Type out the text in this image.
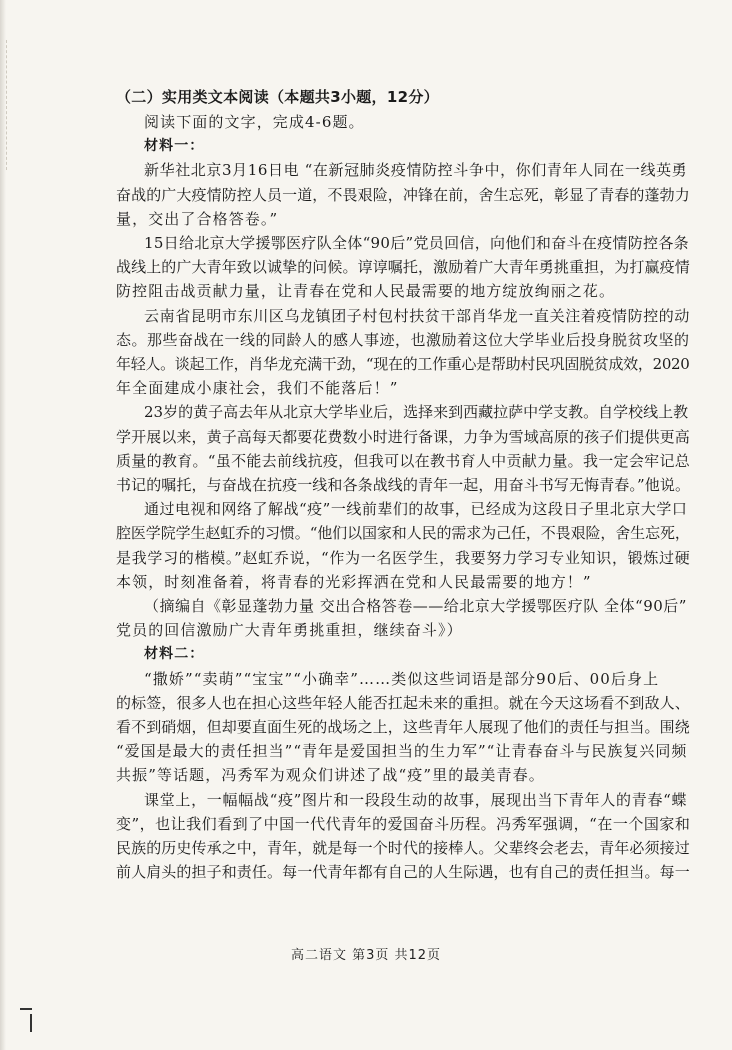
（二）实用类文本阅读（本题共3小题，12分）
阅读下面的文字，完成4-6题。
材料一：

新华社北京3月16日电 “在新冠肺炎疫情防控斗争中，你们青年人同在一线英勇

奋战的广大疫情防控人员一道，不畏艰险，冲锋在前，舍生忘死，彰显了青春的蓬勃力

量，交出了合格答卷。”

15日给北京大学援鄂医疗队全体“90后”党员回信，向他们和奋斗在疫情防控各条

战线上的广大青年致以诚挚的问候。谆谆嘱托，激励着广大青年勇挑重担，为打赢疫情

防控阻击战贡献力量，让青春在党和人民最需要的地方绽放绚丽之花。

云南省昆明市东川区乌龙镇团子村包村扶贫干部肖华龙一直关注着疫情防控的动

态。那些奋战在一线的同龄人的感人事迹，也激励着这位大学毕业后投身脱贫攻坚的

年轻人。谈起工作，肖华龙充满干劲，“现在的工作重心是帮助村民巩固脱贫成效，2020

年全面建成小康社会，我们不能落后！”

23岁的黄子高去年从北京大学毕业后，选择来到西藏拉萨中学支教。自学校线上教

学开展以来，黄子高每天都要花费数小时进行备课，力争为雪域高原的孩子们提供更高

质量的教育。“虽不能去前线抗疫，但我可以在教书育人中贡献力量。我一定会牢记总

书记的嘱托，与奋战在抗疫一线和各条战线的青年一起，用奋斗书写无悔青春。”他说。

通过电视和网络了解战“疫”一线前辈们的故事，已经成为这段日子里北京大学口

腔医学院学生赵虹乔的习惯。“他们以国家和人民的需求为己任，不畏艰险，舍生忘死，

是我学习的楷模。”赵虹乔说，“作为一名医学生，我要努力学习专业知识，锻炼过硬

本领，时刻准备着，将青春的光彩挥洒在党和人民最需要的地方！”

（摘编自《彰显蓬勃力量 交出合格答卷——给北京大学援鄂医疗队 全体“90后”

党员的回信激励广大青年勇挑重担，继续奋斗》）

材料二：

“撒娇”“卖萌”“宝宝”“小确幸”……类似这些词语是部分90后、00后身上

的标签，很多人也在担心这些年轻人能否扛起未来的重担。就在今天这场看不到敌人、

看不到硝烟，但却要直面生死的战场之上，这些青年人展现了他们的责任与担当。围绕

“爱国是最大的责任担当”“青年是爱国担当的生力军”“让青春奋斗与民族复兴同频

共振”等话题，冯秀军为观众们讲述了战“疫”里的最美青春。

课堂上，一幅幅战“疫”图片和一段段生动的故事，展现出当下青年人的青春“蝶

变”，也让我们看到了中国一代代青年的爱国奋斗历程。冯秀军强调，“在一个国家和

民族的历史传承之中，青年，就是每一个时代的接棒人。父辈终会老去，青年必须接过

前人肩头的担子和责任。每一代青年都有自己的人生际遇，也有自己的责任担当。每一

高二语文 第3页 共12页
